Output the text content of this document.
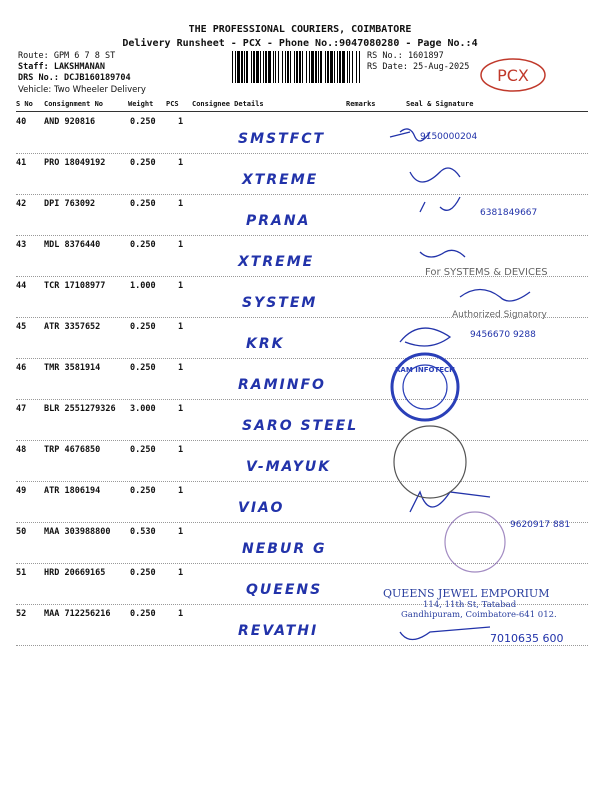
THE PROFESSIONAL COURIERS, COIMBATORE
Delivery Runsheet - PCX - Phone No.:9047080280 - Page No.:4
Route: GPM 6 7 8 ST
Staff: LAKSHMANAN
DRS No.: DCJB160189704
Vehicle: Two Wheeler Delivery
RS No.: 1601897
RS Date: 25-Aug-2025 PCX
S No Consignment No	Weight PCS Consignee Details	Remarks	Seal & Signature
40 AND 920816	0.250	1
SMSTFCT
41 PRO 18049192	0.250	1
XTREME
42 DPI 763092	0.250	1
PRANA
43 MDL 8376440	0.250	1
XTREME
44 TCR 17108977	1.000	1
SYSTEM
45 ATR 3357652	0.250	1
KRK
46 TMR 3581914	0.250	1
RAMINFO
47 BLR 2551279326 3.000	1
SARO STEEL
48 TRP 4676850	0.250	1
V-MAYUK
49 ATR 1806194	0.250	1
VIAO
50 MAA 303988800 0.530	1
NEBUR G
51 HRD 20669165	0.250	1
QUEENS
52 MAA 712256216 0.250	1
REVATHI
9150000204
6381849667
9456670 9288
9620917 881
7010635 600
RAM INFOTECH
For SYSTEMS & DEVICES
Authorized Signatory
QUEENS JEWEL EMPORIUM
114, 11th St, Tatabad
Gandhipuram, Coimbatore-641 012.
